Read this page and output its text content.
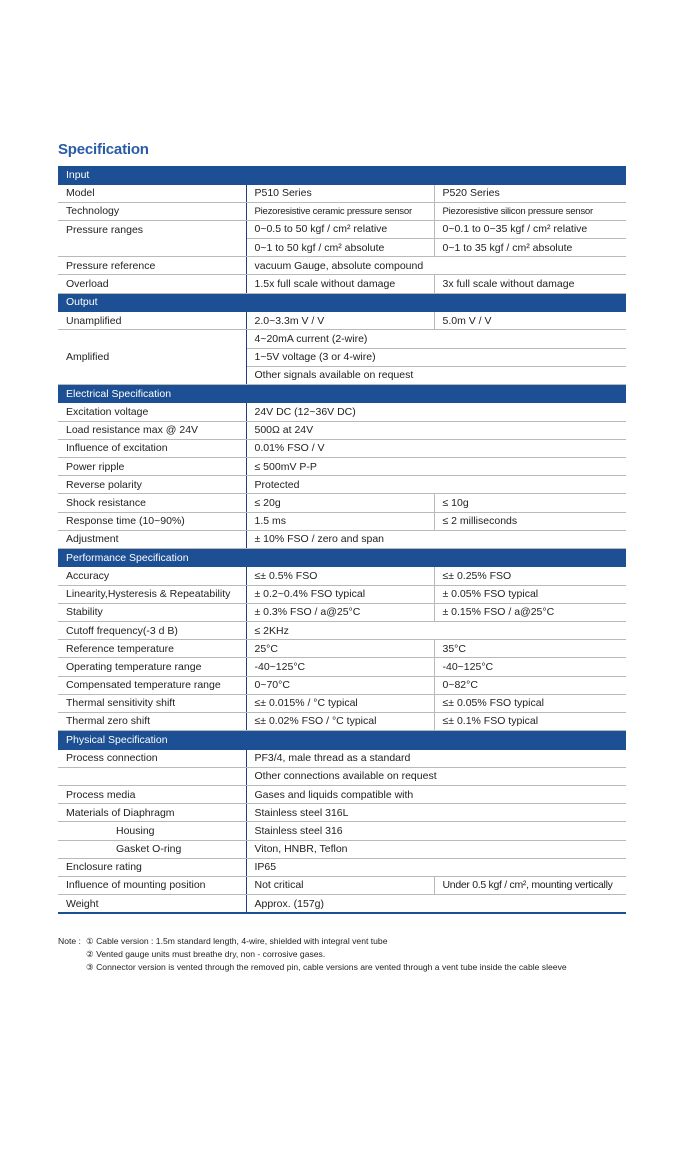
Specification
Input		
Model	P510 Series	P520 Series
Technology	Piezoresistive ceramic pressure sensor	Piezoresistive silicon pressure sensor
Pressure ranges	0~0.5 to 50 kgf / cm² relative	0~0.1 to 0~35 kgf / cm² relative
	0~1 to 50 kgf / cm² absolute	0~1 to 35 kgf / cm² absolute
Pressure reference	vacuum Gauge, absolute compound	
Overload	1.5x full scale without damage	3x full scale without damage
Output		
Unamplified	2.0~3.3m V / V	5.0m V / V
Amplified	4~20mA current (2-wire)	
	1~5V voltage (3 or 4-wire)	
	Other signals available on request	
Electrical Specification		
Excitation voltage	24V DC (12~36V DC)	
Load resistance max @ 24V	500Ω at 24V	
Influence of excitation	0.01% FSO / V	
Power ripple	≤ 500mV P-P	
Reverse polarity	Protected	
Shock resistance	≤ 20g	≤ 10g
Response time (10~90%)	1.5 ms	≤ 2 milliseconds
Adjustment	± 10% FSO / zero and span	
Performance Specification		
Accuracy	≤± 0.5% FSO	≤± 0.25% FSO
Linearity,Hysteresis & Repeatability	± 0.2~0.4% FSO typical	± 0.05% FSO typical
Stability	± 0.3% FSO / a@25°C	± 0.15% FSO / a@25°C
Cutoff frequency(-3 d B)	≤ 2KHz	
Reference temperature	25°C	35°C
Operating temperature range	-40~125°C	-40~125°C
Compensated temperature range	0~70°C	0~82°C
Thermal sensitivity shift	≤± 0.015% / °C typical	≤± 0.05% FSO typical
Thermal zero shift	≤± 0.02% FSO / °C typical	≤± 0.1% FSO typical
Physical Specification		
Process connection	PF3/4, male thread as a standard	
	Other connections available on request	
Process media	Gases and liquids compatible with	
Materials of Diaphragm	Stainless steel 316L	
Housing	Stainless steel 316	
Gasket O-ring	Viton, HNBR, Teflon	
Enclosure rating	IP65	
Influence of mounting position	Not critical	Under 0.5 kgf / cm², mounting vertically
Weight	Approx. (157g)	
Note : ① Cable version : 1.5m standard length, 4-wire, shielded with integral vent tube
② Vented gauge units must breathe dry, non - corrosive gases.
③ Connector version is vented through the removed pin, cable versions are vented through a vent tube inside the cable sleeve
